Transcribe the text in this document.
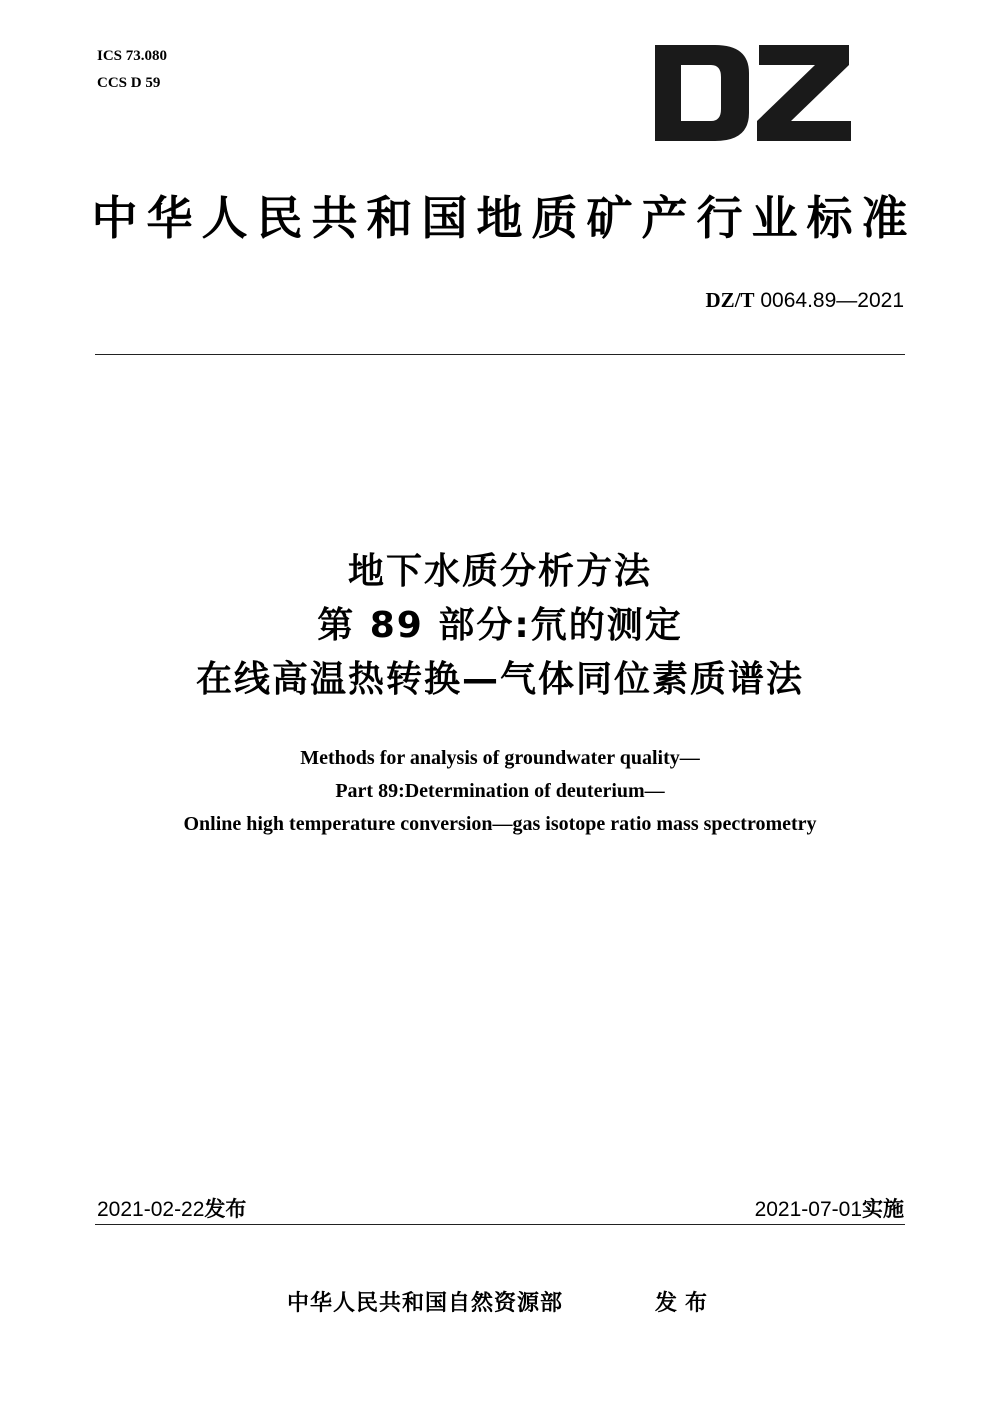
ICS 73.080
CCS D 59
中华人民共和国地质矿产行业标准
DZ/T 0064.89—2021
地下水质分析方法
第 89 部分:氘的测定
在线高温热转换—气体同位素质谱法
Methods for analysis of groundwater quality—
Part 89:Determination of deuterium—
Online high temperature conversion—gas isotope ratio mass spectrometry
2021-02-22发布	2021-07-01实施
中华人民共和国自然资源部	发布
